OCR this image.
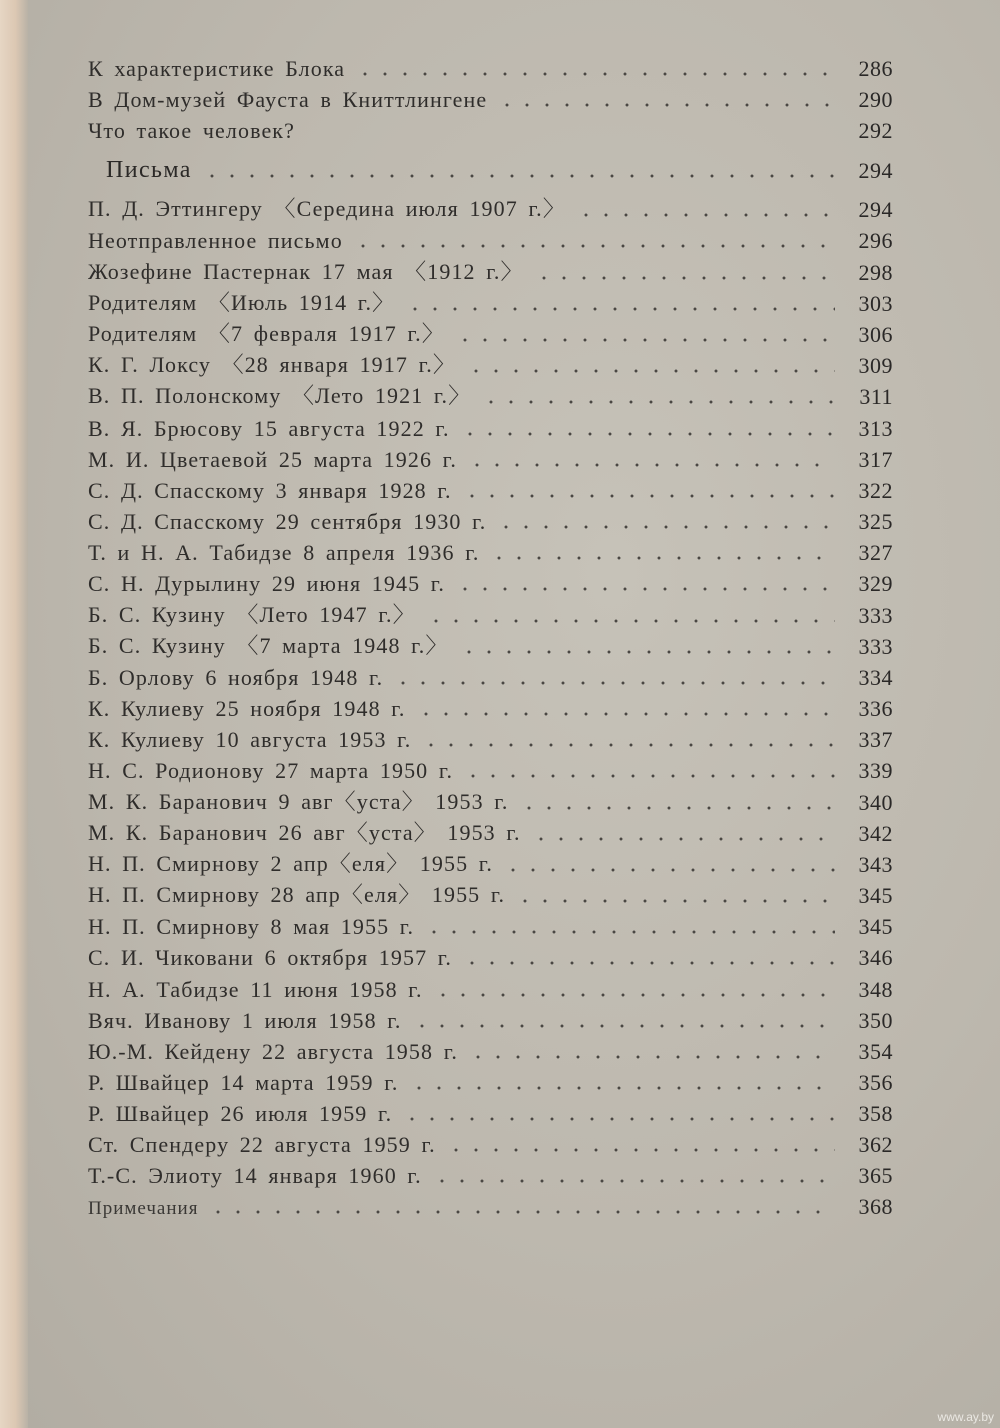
К характеристике Блока	286
В Дом-музей Фауста в Книттлингене	290
Что такое человек?	292
Письма	294
П. Д. Эттингеру 〈Середина июля 1907 г.〉	294
Неотправленное письмо	296
Жозефине Пастернак 17 мая 〈1912 г.〉	298
Родителям 〈Июль 1914 г.〉	303
Родителям 〈7 февраля 1917 г.〉	306
К. Г. Локсу 〈28 января 1917 г.〉	309
В. П. Полонскому 〈Лето 1921 г.〉	311
В. Я. Брюсову 15 августа 1922 г.	313
М. И. Цветаевой 25 марта 1926 г.	317
С. Д. Спасскому 3 января 1928 г.	322
С. Д. Спасскому 29 сентября 1930 г.	325
Т. и Н. А. Табидзе 8 апреля 1936 г.	327
С. Н. Дурылину 29 июня 1945 г.	329
Б. С. Кузину 〈Лето 1947 г.〉	333
Б. С. Кузину 〈7 марта 1948 г.〉	333
Б. Орлову 6 ноября 1948 г.	334
К. Кулиеву 25 ноября 1948 г.	336
К. Кулиеву 10 августа 1953 г.	337
Н. С. Родионову 27 марта 1950 г.	339
М. К. Баранович 9 авг〈уста〉 1953 г.	340
М. К. Баранович 26 авг〈уста〉 1953 г.	342
Н. П. Смирнову 2 апр〈еля〉 1955 г.	343
Н. П. Смирнову 28 апр〈еля〉 1955 г.	345
Н. П. Смирнову 8 мая 1955 г.	345
С. И. Чиковани 6 октября 1957 г.	346
Н. А. Табидзе 11 июня 1958 г.	348
Вяч. Иванову 1 июля 1958 г.	350
Ю.-М. Кейдену 22 августа 1958 г.	354
Р. Швайцер 14 марта 1959 г.	356
Р. Швайцер 26 июля 1959 г.	358
Ст. Спендеру 22 августа 1959 г.	362
Т.-С. Элиоту 14 января 1960 г.	365
Примечания	368
www.ay.by
